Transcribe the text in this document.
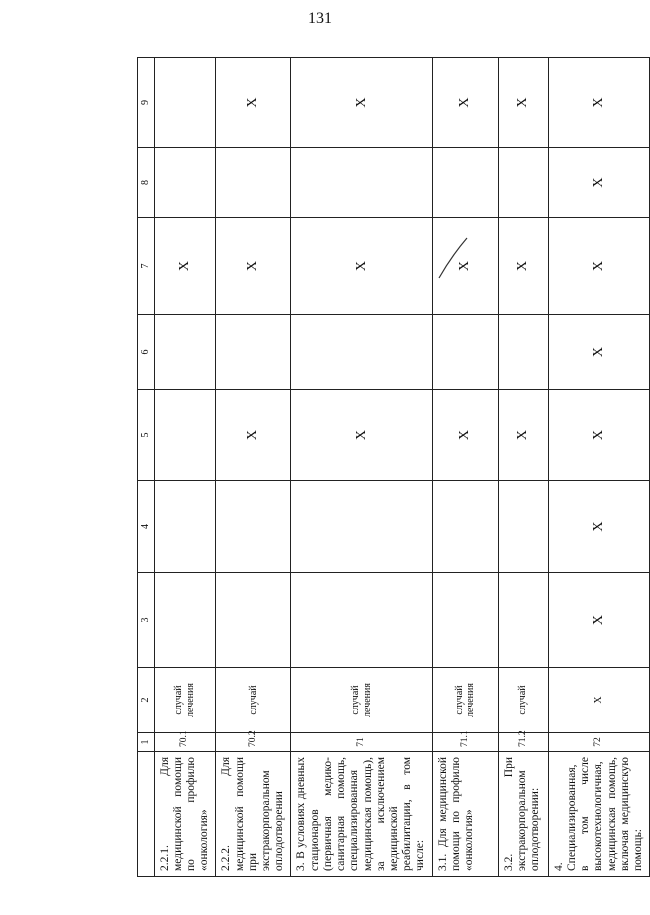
131
	1	2	3	4	5	6	7	8	9
2.2.1. Для медицинской помощи по профилю «онкология»	70.1	случай лечения					Х		
2.2.2. Для медицинской помощи при экстракорпоральном оплодотворении	70.2	случай			Х		Х		Х
3. В условиях дневных стационаров (первичная медико-санитарная помощь, специализированная медицинская помощь), за исключением медицинской реабилитации, в том числе:	71	случай лечения			Х		Х		Х
3.1. Для медицинской помощи по профилю «онкология»	71.1	случай лечения			Х		Х		Х
3.2. При экстракорпоральном оплодотворении:	71.2	случай			Х		Х		Х
4. Специализированная, в том числе высокотехнологичная, медицинская помощь, включая медицинскую помощь:	72	Х	Х	Х	Х	Х	Х	Х	Х
